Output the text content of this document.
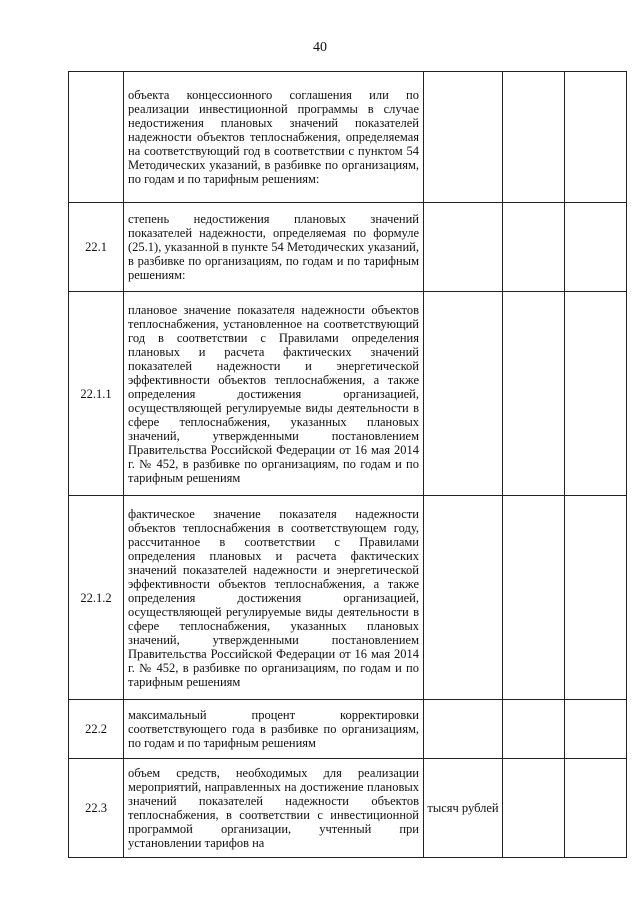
40

	объекта концессионного соглашения или по реализации инвестиционной программы в случае недостижения плановых значений показателей надежности объектов теплоснабжения, определяемая на соответствующий год в соответствии с пунктом 54 Методических указаний, в разбивке по организациям, по годам и по тарифным решениям:			

22.1	степень недостижения плановых значений показателей надежности, определяемая по формуле (25.1), указанной в пункте 54 Методических указаний, в разбивке по организациям, по годам и по тарифным решениям:			

22.1.1	плановое значение показателя надежности объектов теплоснабжения, установленное на соответствующий год в соответствии с Правилами определения плановых и расчета фактических значений показателей надежности и энергетической эффективности объектов теплоснабжения, а также определения достижения организацией, осуществляющей регулируемые виды деятельности в сфере теплоснабжения, указанных плановых значений, утвержденными постановлением Правительства Российской Федерации от 16 мая 2014 г. № 452, в разбивке по организациям, по годам и по тарифным решениям			

22.1.2	фактическое значение показателя надежности объектов теплоснабжения в соответствующем году, рассчитанное в соответствии с Правилами определения плановых и расчета фактических значений показателей надежности и энергетической эффективности объектов теплоснабжения, а также определения достижения организацией, осуществляющей регулируемые виды деятельности в сфере теплоснабжения, указанных плановых значений, утвержденными постановлением Правительства Российской Федерации от 16 мая 2014 г. № 452, в разбивке по организациям, по годам и по тарифным решениям			

22.2	максимальный процент корректировки соответствующего года в разбивке по организациям, по годам и по тарифным решениям			

22.3	объем средств, необходимых для реализации мероприятий, направленных на достижение плановых значений показателей надежности объектов теплоснабжения, в соответствии с инвестиционной программой организации, учтенный при установлении тарифов на	тысяч рублей		
